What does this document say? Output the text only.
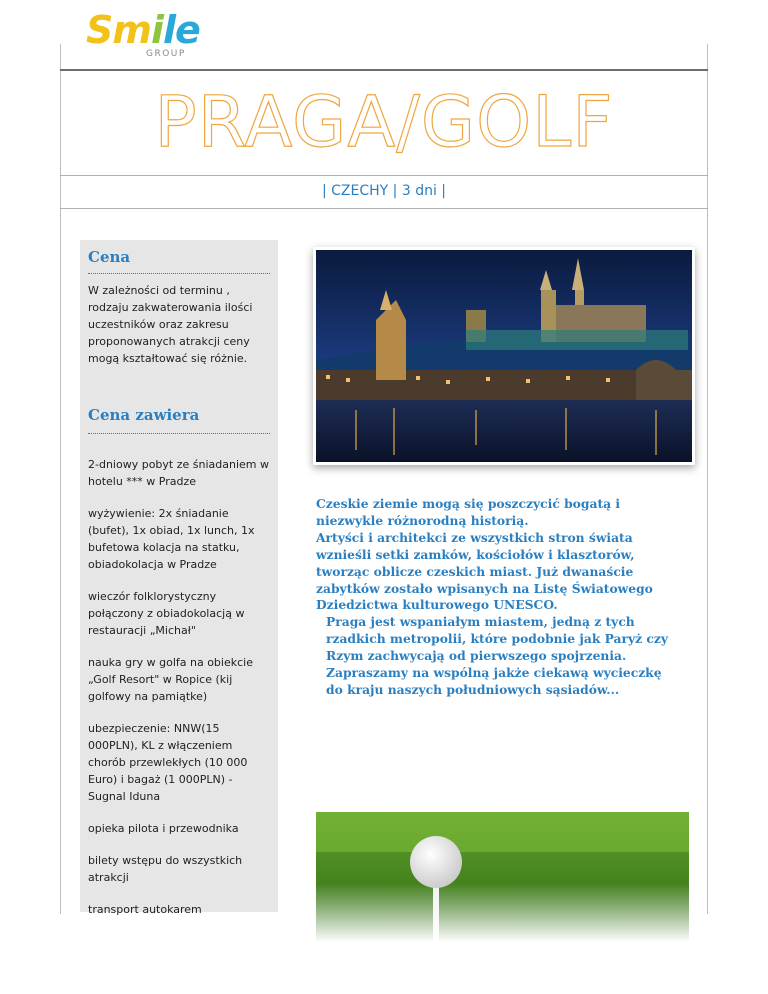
Smile
GROUP
PRAGA/GOLF
| CZECHY | 3 dni |
Cena
W zależności od terminu , rodzaju zakwaterowania ilości uczestników oraz zakresu proponowanych atrakcji ceny mogą kształtować się różnie.
Cena zawiera
2-dniowy pobyt ze śniadaniem w hotelu *** w Pradze
wyżywienie: 2x śniadanie (bufet), 1x obiad, 1x lunch, 1x bufetowa kolacja na statku, obiadokolacja w Pradze
wieczór folklorystyczny połączony z obiadokolacją w restauracji „Michał"
nauka gry w golfa na obiekcie „Golf Resort" w Ropice (kij golfowy na pamiątke)
ubezpieczenie: NNW(15 000PLN), KL z włączeniem chorób przewlekłych (10 000 Euro) i bagaż (1 000PLN) - Sugnal Iduna
opieka pilota i przewodnika
bilety wstępu do wszystkich atrakcji
transport autokarem

Czeskie ziemie mogą się poszczycić bogatą i niezwykle różnorodną historią.

Artyści i architekci ze wszystkich stron świata wznieśli setki zamków, kościołów i klasztorów, tworząc oblicze czeskich miast. Już dwanaście zabytków zostało wpisanych na Listę Światowego Dziedzictwa kulturowego UNESCO.

Praga jest wspaniałym miastem, jedną z tych rzadkich metropolii, które podobnie jak Paryż czy Rzym zachwycają od pierwszego spojrzenia.

Zapraszamy na wspólną jakże ciekawą wycieczkę do kraju naszych południowych sąsiadów...
